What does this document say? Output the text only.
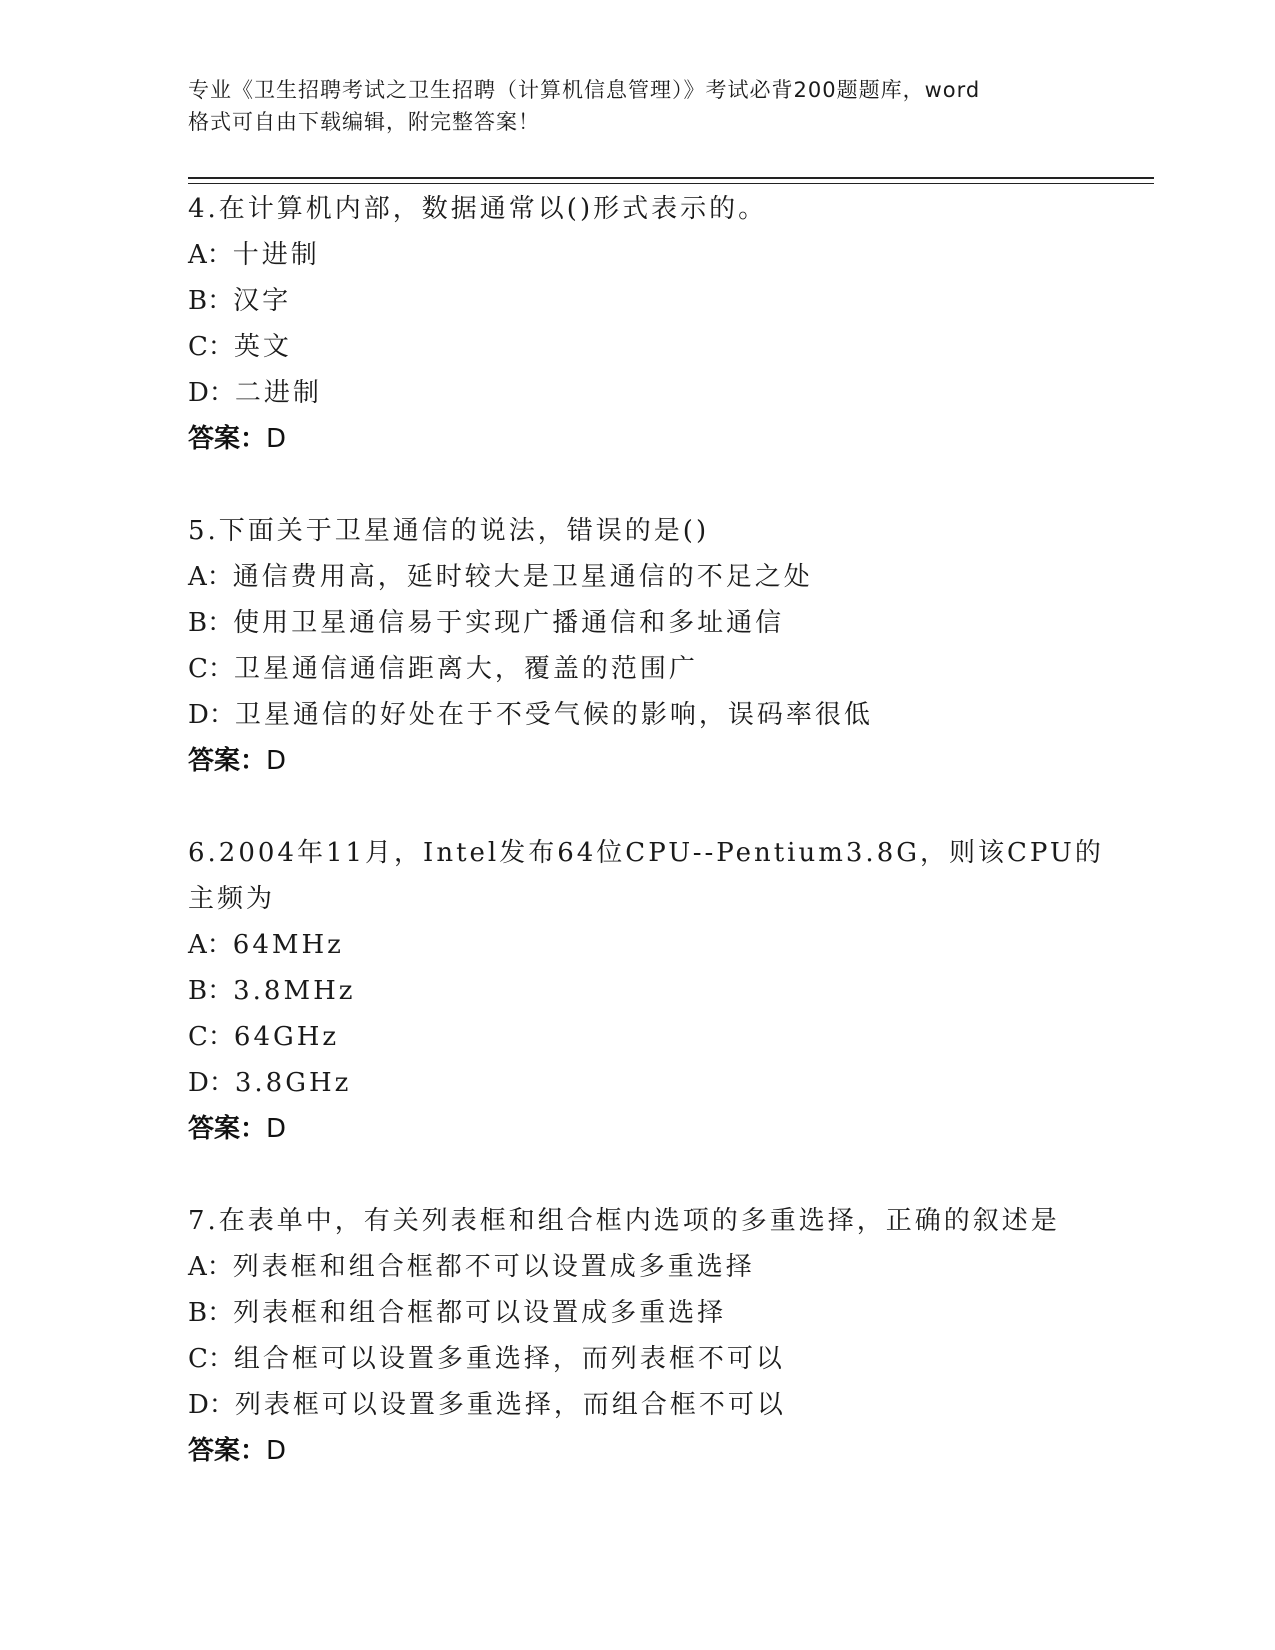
专业《卫生招聘考试之卫生招聘（计算机信息管理）》考试必背200题题库，word
格式可自由下载编辑，附完整答案！

4.在计算机内部，数据通常以()形式表示的。

A：十进制

B：汉字

C：英文

D：二进制

答案：D

5.下面关于卫星通信的说法，错误的是()

A：通信费用高，延时较大是卫星通信的不足之处

B：使用卫星通信易于实现广播通信和多址通信

C：卫星通信通信距离大，覆盖的范围广

D：卫星通信的好处在于不受气候的影响，误码率很低

答案：D

6.2004年11月，Intel发布64位CPU--Pentium3.8G，则该CPU的主频为

A：64MHz

B：3.8MHz

C：64GHz

D：3.8GHz

答案：D

7.在表单中，有关列表框和组合框内选项的多重选择，正确的叙述是

A：列表框和组合框都不可以设置成多重选择

B：列表框和组合框都可以设置成多重选择

C：组合框可以设置多重选择，而列表框不可以

D：列表框可以设置多重选择，而组合框不可以

答案：D
